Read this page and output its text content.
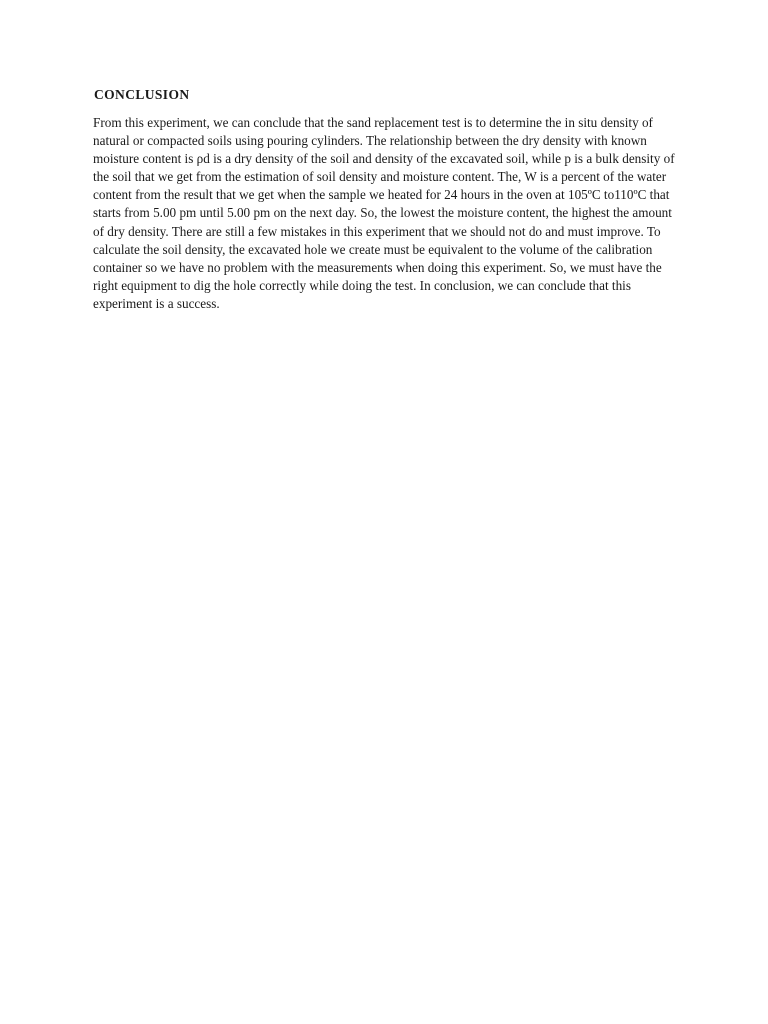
CONCLUSION

From this experiment, we can conclude that the sand replacement test is to determine the in situ density of natural or compacted soils using pouring cylinders. The relationship between the dry density with known moisture content is ρd is a dry density of the soil and density of the excavated soil, while p is a bulk density of the soil that we get from the estimation of soil density and moisture content. The, W is a percent of the water content from the result that we get when the sample we heated for 24 hours in the oven at 105ºC to110ºC that starts from 5.00 pm until 5.00 pm on the next day. So, the lowest the moisture content, the highest the amount of dry density. There are still a few mistakes in this experiment that we should not do and must improve. To calculate the soil density, the excavated hole we create must be equivalent to the volume of the calibration container so we have no problem with the measurements when doing this experiment. So, we must have the right equipment to dig the hole correctly while doing the test. In conclusion, we can conclude that this experiment is a success.
